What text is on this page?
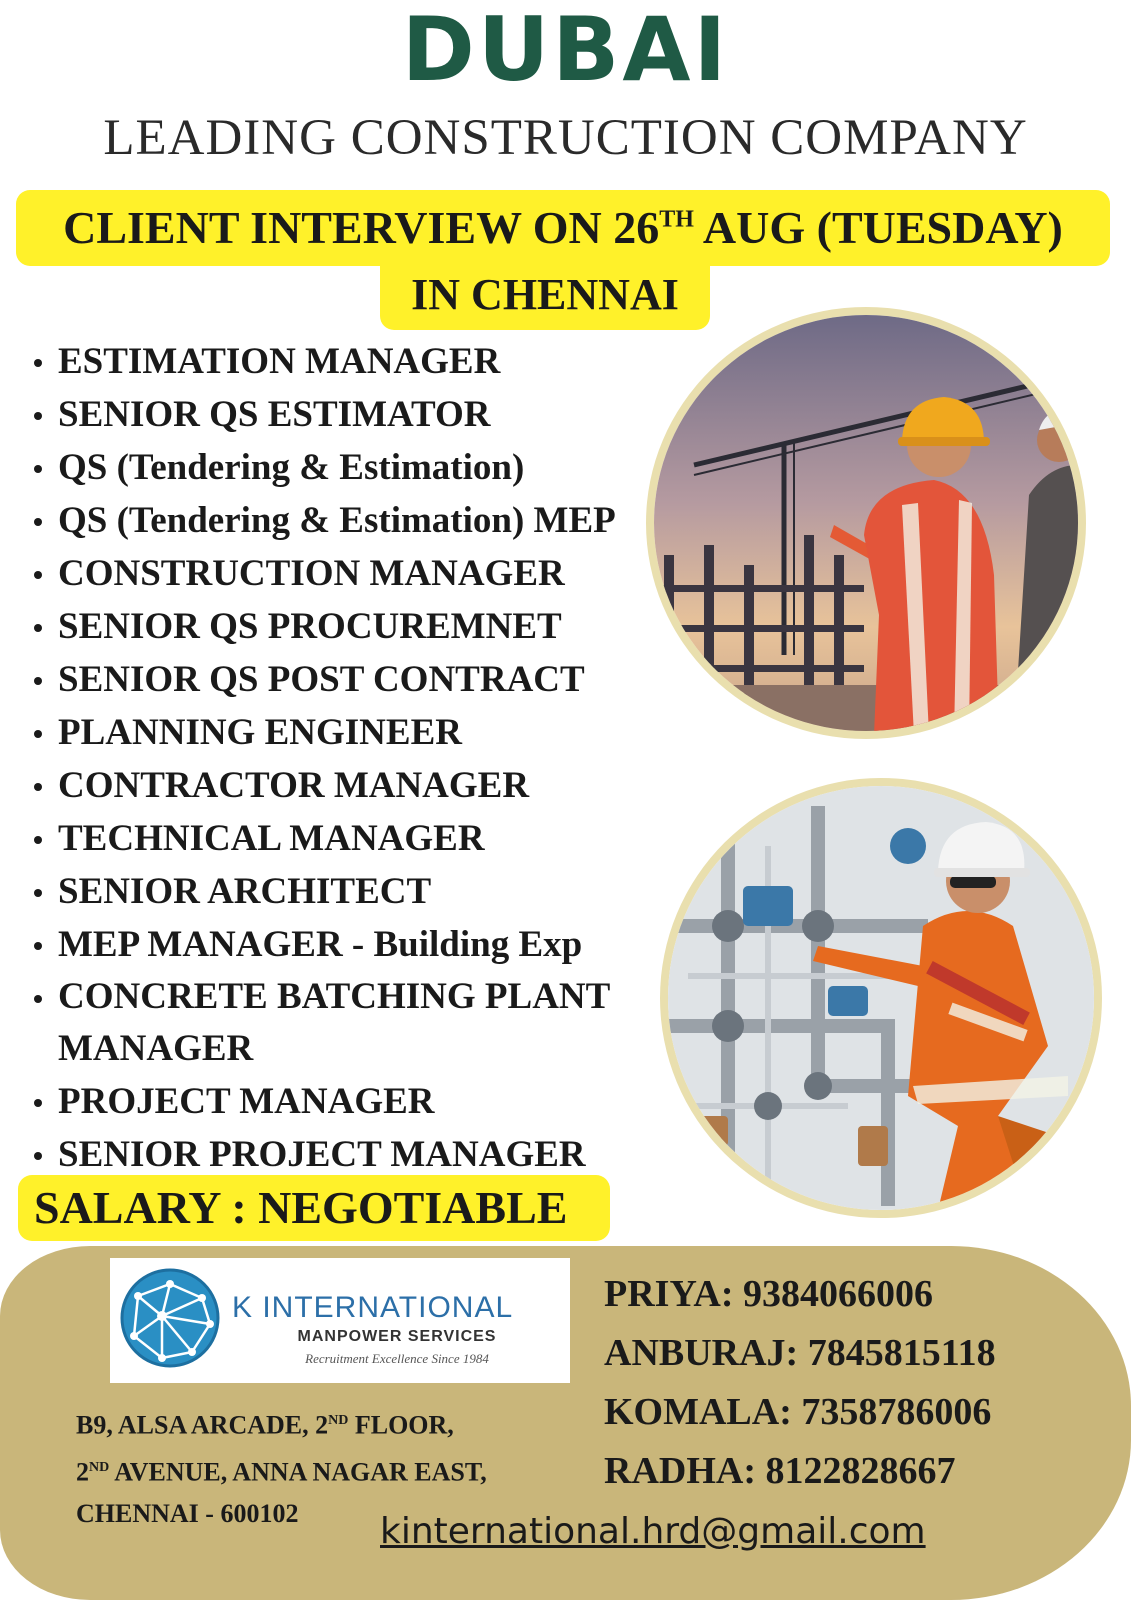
DUBAI
LEADING CONSTRUCTION COMPANY
CLIENT INTERVIEW ON 26TH AUG (TUESDAY)
IN CHENNAI
ESTIMATION MANAGER
SENIOR QS ESTIMATOR
QS (Tendering & Estimation)
QS (Tendering & Estimation) MEP
CONSTRUCTION MANAGER
SENIOR QS PROCUREMNET
SENIOR QS POST CONTRACT
PLANNING ENGINEER
CONTRACTOR MANAGER
TECHNICAL MANAGER
SENIOR ARCHITECT
MEP MANAGER - Building Exp
CONCRETE BATCHING PLANT MANAGER
PROJECT MANAGER
SENIOR PROJECT MANAGER
SALARY : NEGOTIABLE
K INTERNATIONAL
MANPOWER SERVICES
Recruitment Excellence Since 1984
B9, ALSA ARCADE, 2ND FLOOR,
2ND AVENUE, ANNA NAGAR EAST,
CHENNAI - 600102
PRIYA: 9384066006
ANBURAJ: 7845815118
KOMALA: 7358786006
RADHA: 8122828667
kinternational.hrd@gmail.com
